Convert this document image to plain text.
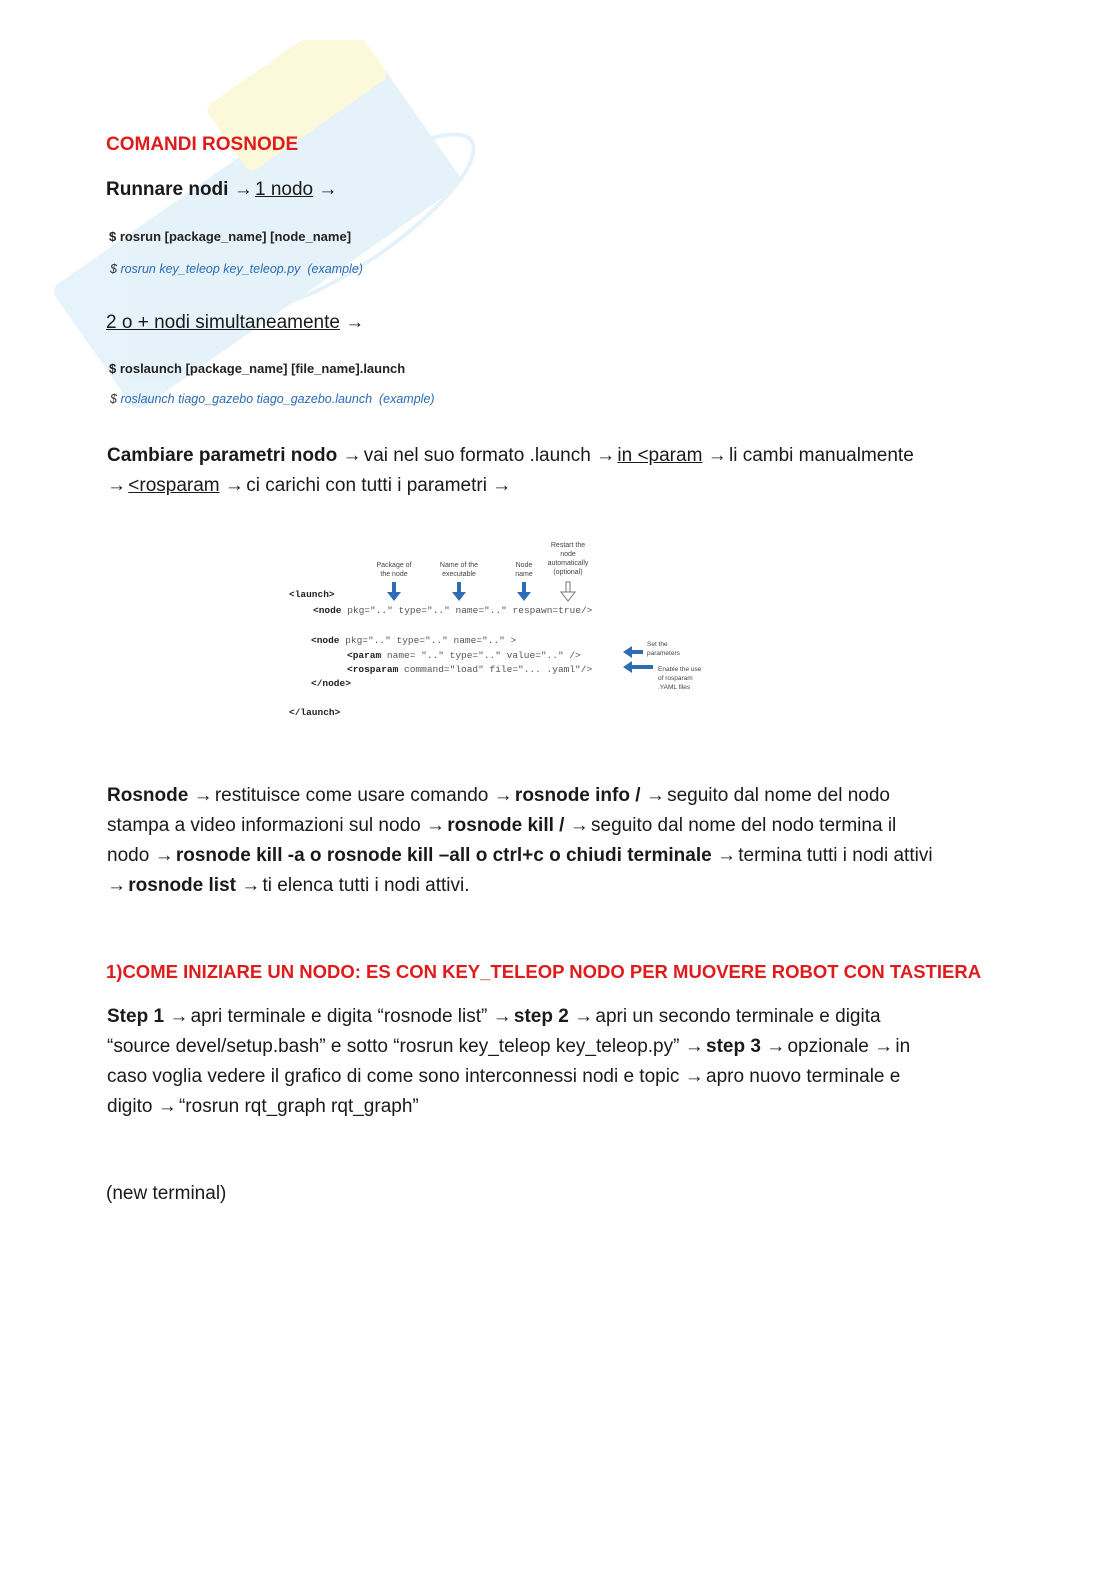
COMANDI ROSNODE
Runnare nodi → 1 nodo →
$ rosrun [package_name] [node_name]
$ rosrun key_teleop key_teleop.py (example)
2 o + nodi simultaneamente →
$ roslaunch [package_name] [file_name].launch
$ roslaunch tiago_gazebo tiago_gazebo.launch (example)
Cambiare parametri nodo → vai nel suo formato .launch → in <param → li cambi manualmente
→ <rosparam → ci carichi con tutti i parametri →
Package of
the node
Name of the
executable
Node
name
Restart the
node
automatically
(optional)
<launch>
<node pkg=".." type=".." name=".." respawn=true/>
<node pkg=".." type=".." name=".." >
<param name= ".." type=".." value=".." />
<rosparam command="load" file="... .yaml"/>
</node>
</launch>
Set the
parameters
Enable the use
of rosparam
.YAML files
Rosnode → restituisce come usare comando → rosnode info / → seguito dal nome del nodo
stampa a video informazioni sul nodo → rosnode kill / → seguito dal nome del nodo termina il
nodo → rosnode kill -a o rosnode kill –all o ctrl+c o chiudi terminale → termina tutti i nodi attivi
→ rosnode list → ti elenca tutti i nodi attivi.
1)COME INIZIARE UN NODO: ES CON KEY_TELEOP NODO PER MUOVERE ROBOT CON TASTIERA
Step 1 → apri terminale e digita “rosnode list” → step 2 → apri un secondo terminale e digita
“source devel/setup.bash” e sotto “rosrun key_teleop key_teleop.py” → step 3 → opzionale → in
caso voglia vedere il grafico di come sono interconnessi nodi e topic → apro nuovo terminale e
digito → “rosrun rqt_graph rqt_graph”
(new terminal)
